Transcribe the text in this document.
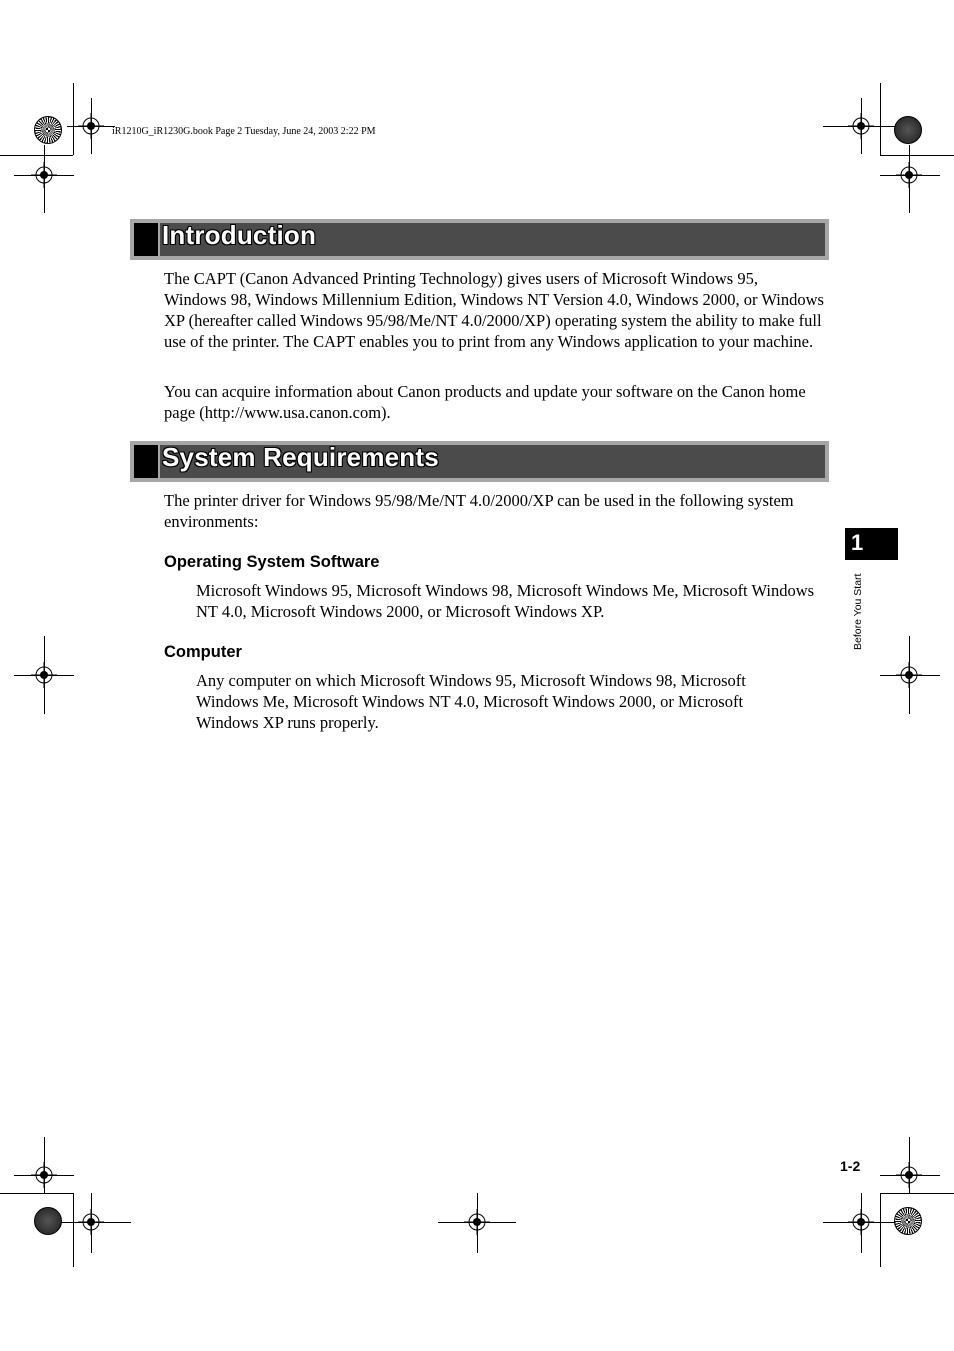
iR1210G_iR1230G.book Page 2 Tuesday, June 24, 2003 2:22 PM
Introduction

The CAPT (Canon Advanced Printing Technology) gives users of Microsoft Windows 95, Windows 98, Windows Millennium Edition, Windows NT Version 4.0, Windows 2000, or Windows XP (hereafter called Windows 95/98/Me/NT 4.0/2000/XP) operating system the ability to make full use of the printer. The CAPT enables you to print from any Windows application to your machine.

You can acquire information about Canon products and update your software on the Canon home page (http://www.usa.canon.com).

System Requirements

The printer driver for Windows 95/98/Me/NT 4.0/2000/XP can be used in the following system environments:

Operating System Software

Microsoft Windows 95, Microsoft Windows 98, Microsoft Windows Me, Microsoft Windows NT 4.0, Microsoft Windows 2000, or Microsoft Windows XP.

Computer

Any computer on which Microsoft Windows 95, Microsoft Windows 98, Microsoft Windows Me, Microsoft Windows NT 4.0, Microsoft Windows 2000, or Microsoft Windows XP runs properly.

1
Before You Start
1-2
